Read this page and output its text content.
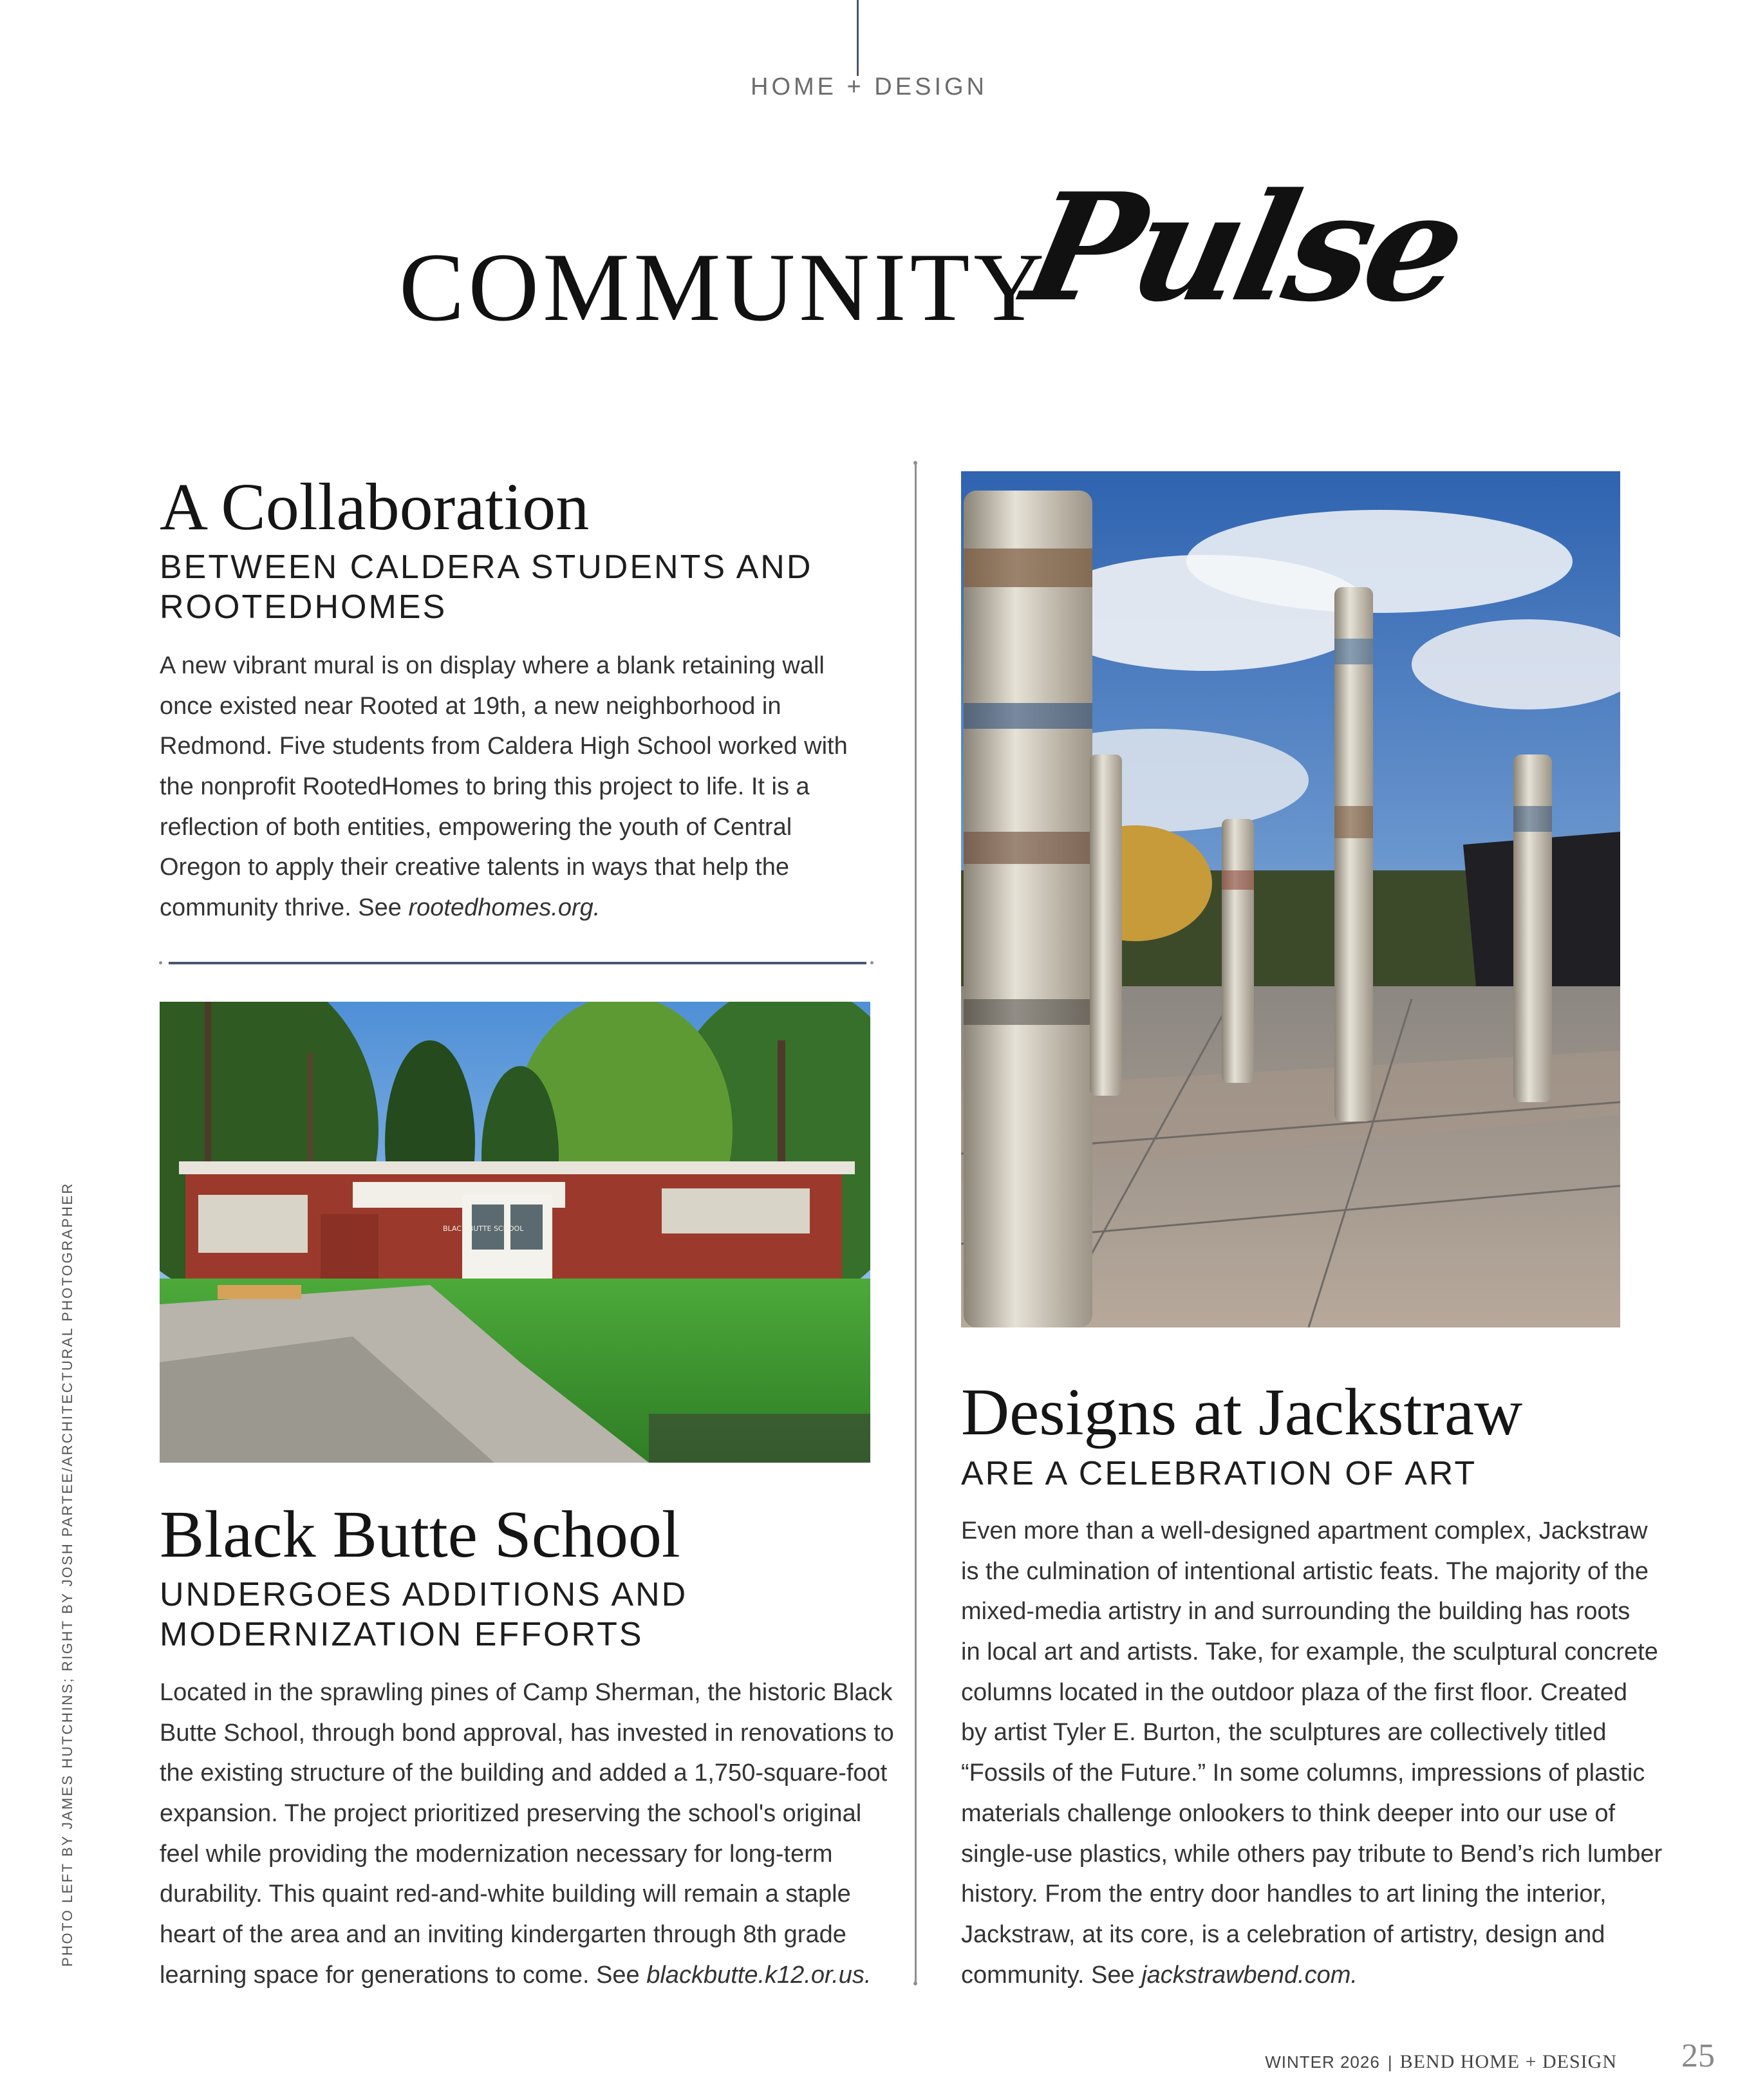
HOME + DESIGN
COMMUNITY
Pulse
A Collaboration
BETWEEN CALDERA STUDENTS AND
ROOTEDHOMES
A new vibrant mural is on display where a blank retaining wall
once existed near Rooted at 19th, a new neighborhood in
Redmond. Five students from Caldera High School worked with
the nonprofit RootedHomes to bring this project to life. It is a
reflection of both entities, empowering the youth of Central
Oregon to apply their creative talents in ways that help the
community thrive. See rootedhomes.org.
BLACK BUTTE SCHOOL
Black Butte School
UNDERGOES ADDITIONS AND
MODERNIZATION EFFORTS
Located in the sprawling pines of Camp Sherman, the historic Black
Butte School, through bond approval, has invested in renovations to
the existing structure of the building and added a 1,750-square-foot
expansion. The project prioritized preserving the school's original
feel while providing the modernization necessary for long-term
durability. This quaint red-and-white building will remain a staple
heart of the area and an inviting kindergarten through 8th grade
learning space for generations to come. See blackbutte.k12.or.us.
Designs at Jackstraw
ARE A CELEBRATION OF ART
Even more than a well-designed apartment complex, Jackstraw
is the culmination of intentional artistic feats. The majority of the
mixed-media artistry in and surrounding the building has roots
in local art and artists. Take, for example, the sculptural concrete
columns located in the outdoor plaza of the first floor. Created
by artist Tyler E. Burton, the sculptures are collectively titled
“Fossils of the Future.” In some columns, impressions of plastic
materials challenge onlookers to think deeper into our use of
single-use plastics, while others pay tribute to Bend’s rich lumber
history. From the entry door handles to art lining the interior,
Jackstraw, at its core, is a celebration of artistry, design and
community. See jackstrawbend.com.
PHOTO LEFT BY JAMES HUTCHINS; RIGHT BY JOSH PARTEE/ARCHITECTURAL PHOTOGRAPHER
WINTER 2026 | BEND HOME + DESIGN 25
